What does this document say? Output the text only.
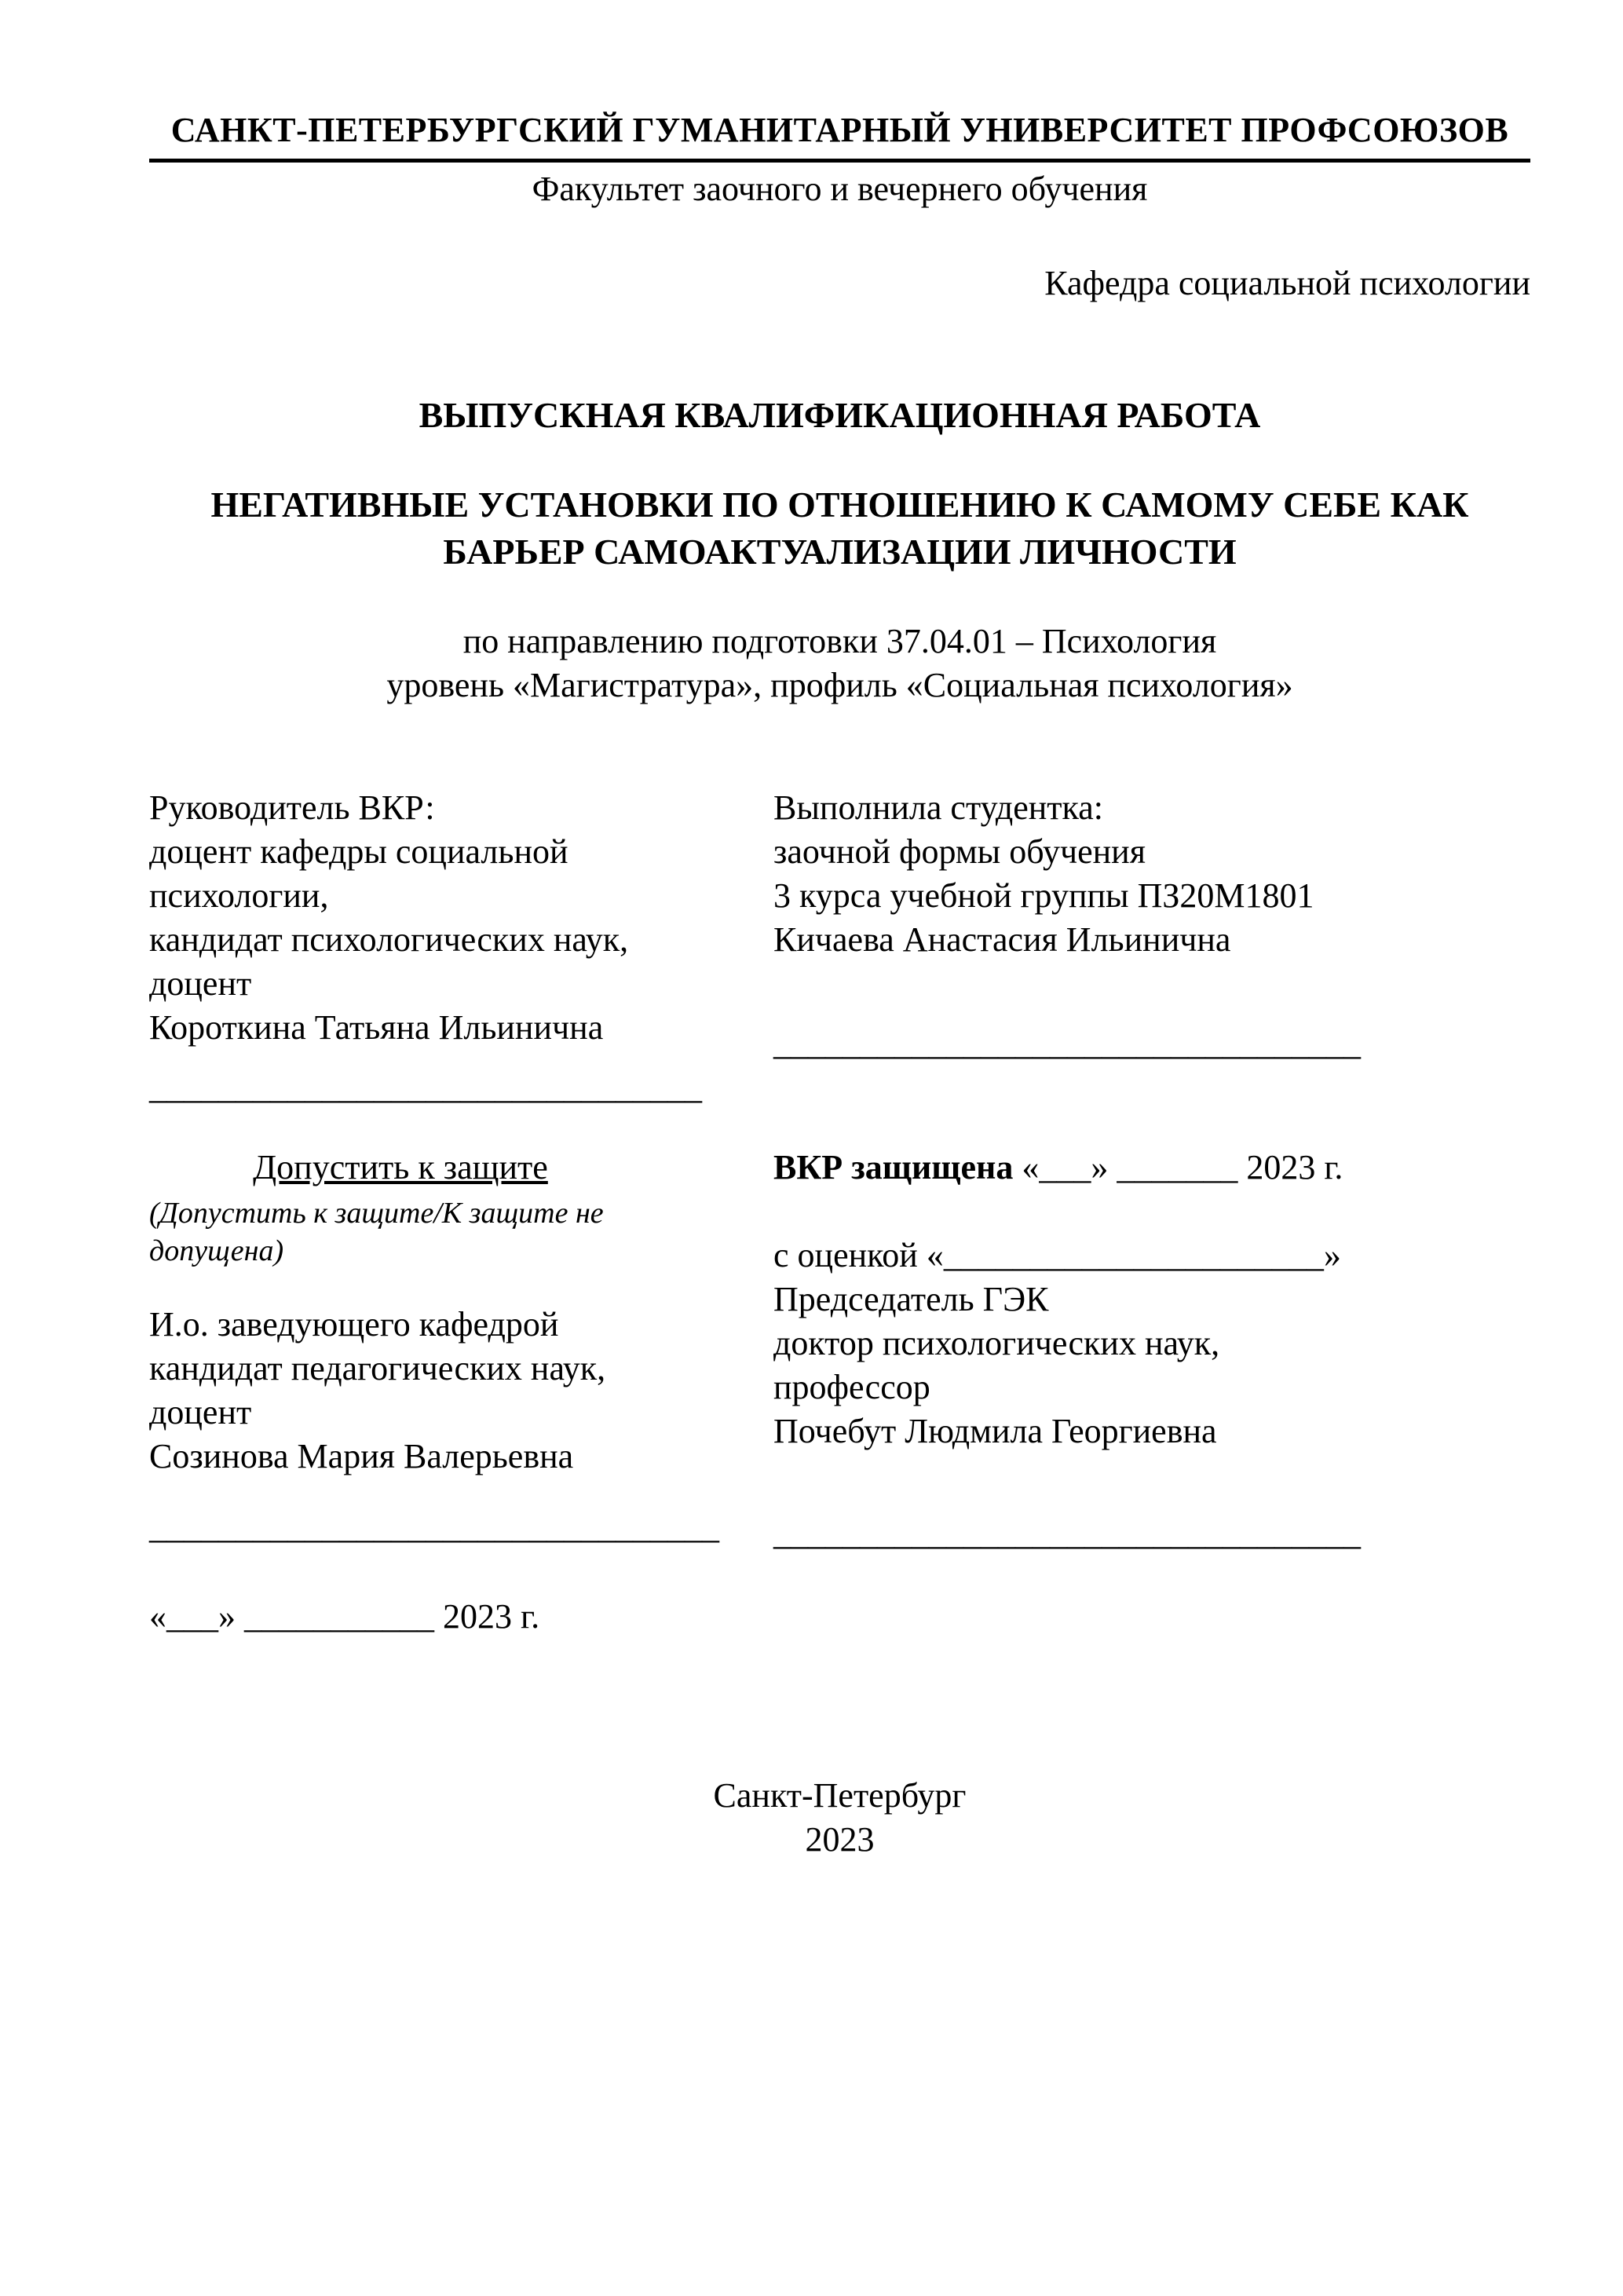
САНКТ-ПЕТЕРБУРГСКИЙ ГУМАНИТАРНЫЙ УНИВЕРСИТЕТ ПРОФСОЮЗОВ
Факультет заочного и вечернего обучения
Кафедра социальной психологии
ВЫПУСКНАЯ КВАЛИФИКАЦИОННАЯ РАБОТА
НЕГАТИВНЫЕ УСТАНОВКИ ПО ОТНОШЕНИЮ К САМОМУ СЕБЕ КАК
БАРЬЕР САМОАКТУАЛИЗАЦИИ ЛИЧНОСТИ
по направлению подготовки 37.04.01 – Психология
уровень «Магистратура», профиль «Социальная психология»
Руководитель ВКР:
доцент кафедры социальной
психологии,
кандидат психологических наук,
доцент
Короткина Татьяна Ильинична
________________________________
Выполнила студентка:
заочной формы обучения
3 курса учебной группы ПЗ20М1801
Кичаева Анастасия Ильинична
__________________________________
Допустить к защите
(Допустить к защите/К защите не допущена)
И.о. заведующего кафедрой
кандидат педагогических наук,
доцент
Созинова Мария Валерьевна
_________________________________
«___» ___________ 2023 г.
ВКР защищена «___» _______ 2023 г.
с оценкой «______________________»
Председатель ГЭК
доктор психологических наук,
профессор
Почебут Людмила Георгиевна
__________________________________
Санкт-Петербург
2023
